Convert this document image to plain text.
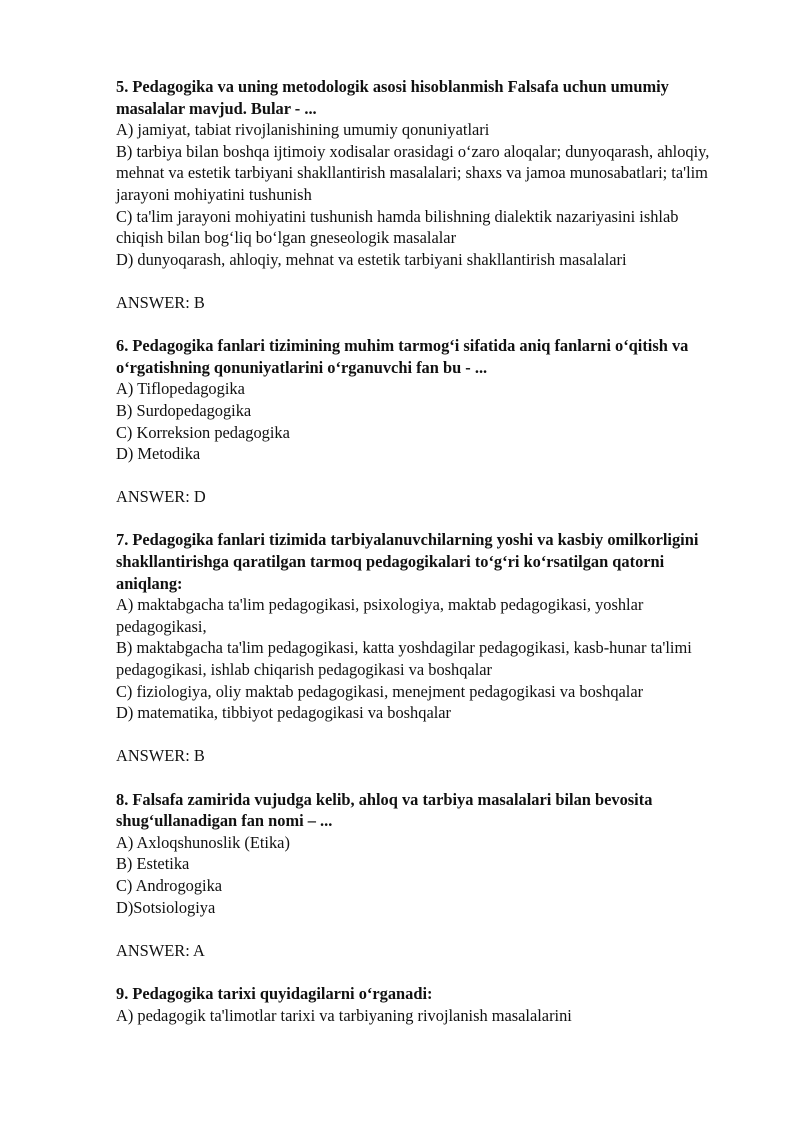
5. Pedagogika va uning metodologik asosi hisoblanmish Falsafa uchun umumiy masalalar mavjud. Bular - ...
A) jamiyat, tabiat rivojlanishining umumiy qonuniyatlari
B) tarbiya bilan boshqa ijtimoiy xodisalar orasidagi o‘zaro aloqalar; dunyoqarash, ahloqiy, mehnat va estetik tarbiyani shakllantirish masalalari; shaxs va jamoa munosabatlari; ta'lim jarayoni mohiyatini tushunish
C) ta'lim jarayoni mohiyatini tushunish hamda bilishning dialektik nazariyasini ishlab chiqish bilan bog‘liq bo‘lgan gneseologik masalalar
D) dunyoqarash, ahloqiy, mehnat va estetik tarbiyani shakllantirish masalalari
ANSWER: B
6. Pedagogika fanlari tizimining muhim tarmog‘i sifatida aniq fanlarni o‘qitish va o‘rgatishning qonuniyatlarini o‘rganuvchi fan bu - ...
A) Tiflopedagogika
B) Surdopedagogika
C) Korreksion pedagogika
D) Metodika
ANSWER: D
7. Pedagogika fanlari tizimida tarbiyalanuvchilarning yoshi va kasbiy omilkorligini shakllantirishga qaratilgan tarmoq pedagogikalari to‘g‘ri ko‘rsatilgan qatorni aniqlang:
A) maktabgacha ta'lim pedagogikasi, psixologiya, maktab pedagogikasi, yoshlar pedagogikasi,
B) maktabgacha ta'lim pedagogikasi, katta yoshdagilar pedagogikasi, kasb-hunar ta'limi pedagogikasi, ishlab chiqarish pedagogikasi va boshqalar
C) fiziologiya, oliy maktab pedagogikasi, menejment pedagogikasi va boshqalar
D) matematika, tibbiyot pedagogikasi va boshqalar
ANSWER: B
8. Falsafa zamirida vujudga kelib, ahloq va tarbiya masalalari bilan bevosita shug‘ullanadigan fan nomi – ...
A) Axloqshunoslik (Etika)
B) Estetika
C) Androgogika
D)Sotsiologiya
ANSWER: A
9. Pedagogika tarixi quyidagilarni o‘rganadi:
A) pedagogik ta'limotlar tarixi va tarbiyaning rivojlanish masalalarini
